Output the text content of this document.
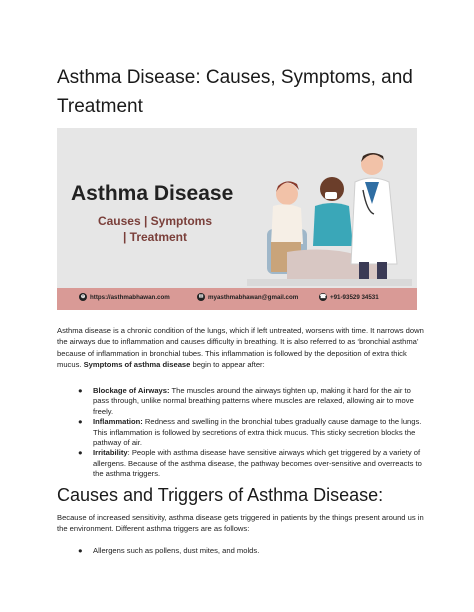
Asthma Disease: Causes, Symptoms, and Treatment
Asthma Disease
Causes | Symptoms | Treatment
⊕ https://asthmabhawan.com	✉ myasthmabhawan@gmail.com	☎ +91-93529 34531

Asthma disease is a chronic condition of the lungs, which if left untreated, worsens with time. It narrows down the airways due to inflammation and causes difficulty in breathing. It is also referred to as ‘bronchial asthma’ because of inflammation in bronchial tubes. This inflammation is followed by the deposition of extra thick mucus. Symptoms of asthma disease begin to appear after:

● Blockage of Airways: The muscles around the airways tighten up, making it hard for the air to pass through, unlike normal breathing patterns where muscles are relaxed, allowing air to move freely.
● Inflammation: Redness and swelling in the bronchial tubes gradually cause damage to the lungs. This inflammation is followed by secretions of extra thick mucus. This sticky secretion blocks the pathway of air.
● Irritability: People with asthma disease have sensitive airways which get triggered by a variety of allergens. Because of the asthma disease, the pathway becomes over-sensitive and overreacts to the asthma triggers.
Causes and Triggers of Asthma Disease:

Because of increased sensitivity, asthma disease gets triggered in patients by the things present around us in the environment. Different asthma triggers are as follows:

● Allergens such as pollens, dust mites, and molds.
